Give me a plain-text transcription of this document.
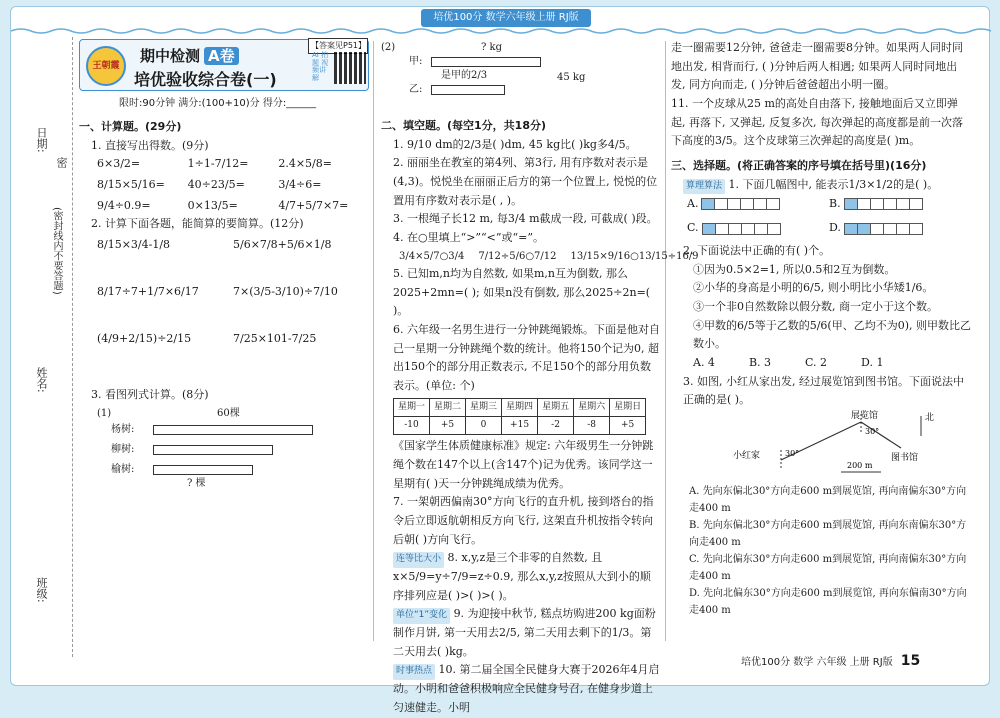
培优100分 数学六年级上册 RJ版
日期:
(密封线内不要答题)
姓名:
班级:
密
王朝霞
期中检测 A卷
培优验收综合卷(一)
【答案见P51】
AI 拍题 视频讲解
限时:90分钟 满分:(100+10)分 得分:______
一、计算题。(29分)
1. 直接写出得数。(9分)
6×3/2=	1÷1-7/12=	2.4×5/8=
8/15×5/16=	40÷23/5=	3/4÷6=
9/4÷0.9=	0×13/5=	4/7+5/7×7=
2. 计算下面各题，能简算的要简算。(12分)
8/15×3/4-1/8	5/6×7/8+5/6×1/8
8/17÷7+1/7×6/17	7×(3/5-3/10)÷7/10
(4/9+2/15)÷2/15	7/25×101-7/25
3. 看图列式计算。(8分)
(1)	60棵
杨树:
柳树:
榆树:
? 棵
(2)	? kg
甲:
是甲的2/3
乙:
45 kg
二、填空题。(每空1分，共18分)
1. 9/10 dm的2/3是( )dm, 45 kg比( )kg多4/5。
2. 丽丽坐在教室的第4列、第3行, 用有序数对表示是(4,3)。悦悦坐在丽丽正后方的第一个位置上, 悦悦的位置用有序数对表示是( , )。
3. 一根绳子长12 m, 每3/4 m截成一段, 可截成( )段。
4. 在○里填上“>”“<”或“=”。
3/4×5/7○3/4 7/12÷5/6○7/12 13/15×9/16○13/15÷16/9
5. 已知m,n均为自然数, 如果m,n互为倒数, 那么2025+2mn=( ); 如果n没有倒数, 那么2025÷2n=( )。
6. 六年级一名男生进行一分钟跳绳锻炼。下面是他对自己一星期一分钟跳绳个数的统计。他将150个记为0, 超出150个的部分用正数表示, 不足150个的部分用负数表示。(单位: 个)
星期一	星期二	星期三	星期四	星期五	星期六	星期日
-10	+5	0	+15	-2	-8	+5
《国家学生体质健康标准》规定: 六年级男生一分钟跳绳个数在147个以上(含147个)记为优秀。该同学这一星期有( )天一分钟跳绳成绩为优秀。
7. 一架朝西偏南30°方向飞行的直升机, 接到塔台的指令后立即返航朝相反方向飞行, 这架直升机按指令转向后朝( )方向飞行。
连等比大小 8. x,y,z是三个非零的自然数, 且x×5/9=y÷7/9=z÷0.9, 那么x,y,z按照从大到小的顺序排列应是( )>( )>( )。
单位“1”变化 9. 为迎接中秋节, 糕点坊购进200 kg面粉制作月饼, 第一天用去2/5, 第二天用去剩下的1/3。第二天用去( )kg。
时事热点 10. 第二届全国全民健身大赛于2026年4月启动。小明和爸爸积极响应全民健身号召, 在健身步道上匀速健走。小明
走一圈需要12分钟, 爸爸走一圈需要8分钟。如果两人同时同地出发, 相背而行, ( )分钟后两人相遇; 如果两人同时同地出发, 同方向而走, ( )分钟后爸爸超出小明一圈。
11. 一个皮球从25 m的高处自由落下, 接触地面后又立即弹起, 再落下, 又弹起, 反复多次, 每次弹起的高度都是前一次落下高度的3/5。这个皮球第三次弹起的高度是( )m。
三、选择题。(将正确答案的序号填在括号里)(16分)
算理算法 1. 下面几幅图中, 能表示1/3×1/2的是( )。
A.	B.
C.	D.
2. 下面说法中正确的有( )个。
①因为0.5×2=1, 所以0.5和2互为倒数。
②小华的身高是小明的6/5, 则小明比小华矮1/6。
③一个非0自然数除以假分数, 商一定小于这个数。
④甲数的6/5等于乙数的5/6(甲、乙均不为0), 则甲数比乙数小。
A. 4	B. 3	C. 2	D. 1
3. 如图, 小红从家出发, 经过展览馆到图书馆。下面说法中正确的是( )。
展览馆
小红家	图书馆
北
30°
30°
200 m
A. 先向东偏北30°方向走600 m到展览馆, 再向南偏东30°方向走400 m
B. 先向东偏北30°方向走600 m到展览馆, 再向东南偏东30°方向走400 m
C. 先向北偏东30°方向走600 m到展览馆, 再向南偏东30°方向走400 m
D. 先向北偏东30°方向走600 m到展览馆, 再向东偏南30°方向走400 m
培优100分 数学 六年级 上册 RJ版 15
